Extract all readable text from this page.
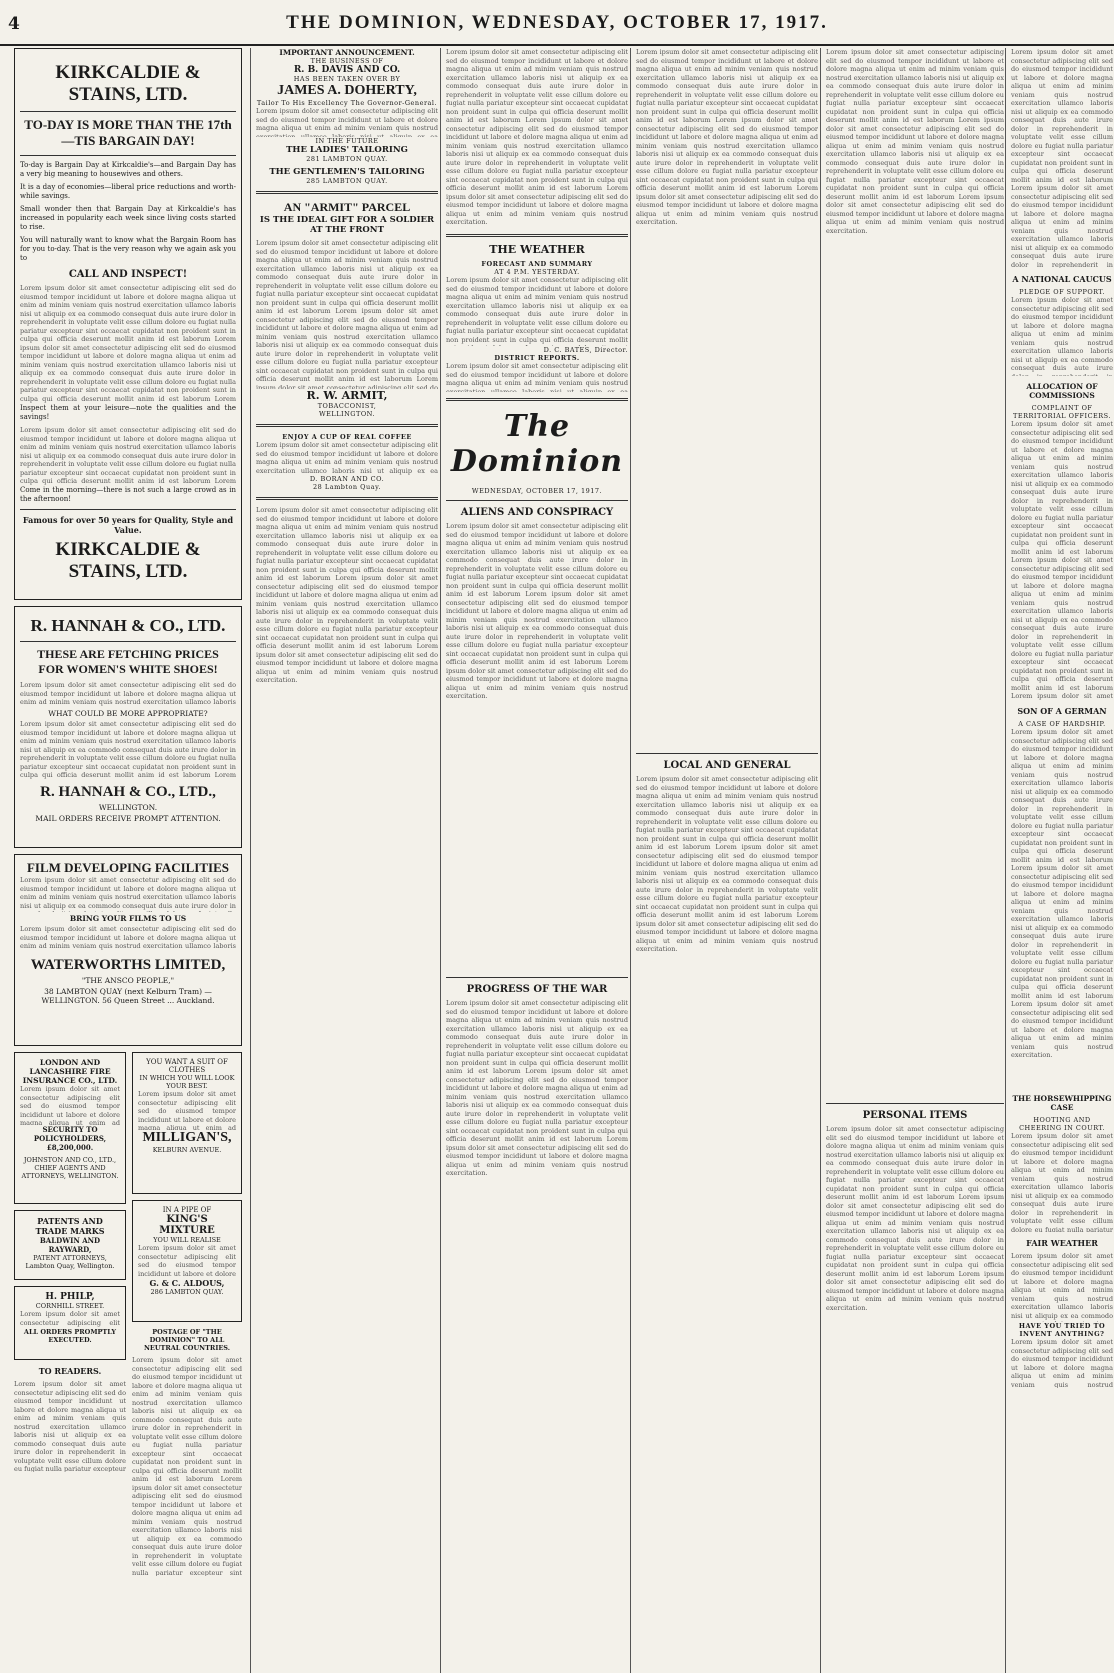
4	THE DOMINION, WEDNESDAY, OCTOBER 17, 1917.
KIRKCALDIE & STAINS, LTD.
TO-DAY IS MORE THAN THE 17th
—TIS BARGAIN DAY!

To-day is Bargain Day at Kirkcaldie's—and Bargain Day has a very big meaning to housewives and others.

It is a day of economies—liberal price reductions and worth-while savings.

Small wonder then that Bargain Day at Kirkcaldie's has increased in popularity each week since living costs started to rise.

You will naturally want to know what the Bargain Room has for you to-day. That is the very reason why we again ask you to

CALL AND INSPECT!
Lorem ipsum dolor sit amet consectetur adipiscing elit sed do eiusmod tempor incididunt ut labore et dolore magna aliqua ut enim ad minim veniam quis nostrud exercitation ullamco laboris nisi ut aliquip ex ea commodo consequat duis aute irure dolor in reprehenderit in voluptate velit esse cillum dolore eu fugiat nulla pariatur excepteur sint occaecat cupidatat non proident sunt in culpa qui officia deserunt mollit anim id est laborum Lorem ipsum dolor sit amet consectetur adipiscing elit sed do eiusmod tempor incididunt ut labore et dolore magna aliqua ut enim ad minim veniam quis nostrud exercitation ullamco laboris nisi ut aliquip ex ea commodo consequat duis aute irure dolor in reprehenderit in voluptate velit esse cillum dolore eu fugiat nulla pariatur excepteur sint occaecat cupidatat non proident sunt in culpa qui officia deserunt mollit anim id est laborum Lorem ipsum dolor sit amet consectetur adipiscing elit sed do eiusmod tempor incididunt ut labore et dolore magna aliqua ut enim ad minim veniam quis nostrud exercitation.

Inspect them at your leisure—note the qualities and the savings!

Lorem ipsum dolor sit amet consectetur adipiscing elit sed do eiusmod tempor incididunt ut labore et dolore magna aliqua ut enim ad minim veniam quis nostrud exercitation ullamco laboris nisi ut aliquip ex ea commodo consequat duis aute irure dolor in reprehenderit in voluptate velit esse cillum dolore eu fugiat nulla pariatur excepteur sint occaecat cupidatat non proident sunt in culpa qui officia deserunt mollit anim id est laborum Lorem ipsum dolor sit amet consectetur adipiscing elit sed do eiusmod tempor incididunt ut labore et dolore magna aliqua ut enim ad minim veniam quis nostrud exercitation ullamco laboris nisi ut aliquip ex ea commodo consequat duis aute irure dolor in reprehenderit in voluptate velit esse cillum dolore eu fugiat nulla pariatur excepteur sint occaecat cupidatat non proident sunt in culpa qui officia deserunt mollit anim id est laborum Lorem ipsum dolor sit amet consectetur adipiscing elit sed do eiusmod tempor incididunt ut labore et dolore magna aliqua ut enim ad minim veniam quis nostrud exercitation.

Come in the morning—there is not such a large crowd as in the afternoon!

Famous for over 50 years for Quality, Style and Value.
KIRKCALDIE & STAINS, LTD.
R. HANNAH & CO., LTD.
THESE ARE FETCHING PRICES
FOR WOMEN'S WHITE SHOES!
Lorem ipsum dolor sit amet consectetur adipiscing elit sed do eiusmod tempor incididunt ut labore et dolore magna aliqua ut enim ad minim veniam quis nostrud exercitation ullamco laboris nisi ut aliquip ex ea commodo consequat duis aute irure dolor in reprehenderit in voluptate velit esse cillum dolore eu fugiat nulla pariatur excepteur sint occaecat cupidatat non proident sunt in culpa qui officia deserunt mollit anim id est laborum Lorem ipsum dolor sit amet consectetur adipiscing elit sed do eiusmod tempor incididunt ut labore et dolore magna aliqua ut enim ad minim veniam quis nostrud exercitation ullamco laboris nisi ut aliquip ex ea commodo consequat duis aute irure dolor in reprehenderit in voluptate velit esse cillum dolore eu fugiat nulla pariatur excepteur sint occaecat cupidatat non proident sunt in culpa qui officia deserunt mollit anim id est laborum Lorem ipsum dolor sit amet consectetur adipiscing elit sed do eiusmod tempor incididunt ut labore et dolore magna aliqua ut enim ad minim veniam quis nostrud exercitation.
WHAT COULD BE MORE APPROPRIATE?
Lorem ipsum dolor sit amet consectetur adipiscing elit sed do eiusmod tempor incididunt ut labore et dolore magna aliqua ut enim ad minim veniam quis nostrud exercitation ullamco laboris nisi ut aliquip ex ea commodo consequat duis aute irure dolor in reprehenderit in voluptate velit esse cillum dolore eu fugiat nulla pariatur excepteur sint occaecat cupidatat non proident sunt in culpa qui officia deserunt mollit anim id est laborum Lorem ipsum dolor sit amet consectetur adipiscing elit sed do eiusmod tempor incididunt ut labore et dolore magna aliqua ut enim ad minim veniam quis nostrud exercitation ullamco laboris nisi ut aliquip ex ea commodo consequat duis aute irure dolor in reprehenderit in voluptate velit esse cillum dolore eu fugiat nulla pariatur excepteur sint occaecat cupidatat non proident sunt in culpa qui officia deserunt mollit anim id est laborum Lorem ipsum dolor sit amet consectetur adipiscing elit sed do eiusmod tempor incididunt ut labore et dolore magna aliqua ut enim ad minim veniam quis nostrud exercitation.
R. HANNAH & CO., LTD.,
WELLINGTON.
MAIL ORDERS RECEIVE PROMPT ATTENTION.
FILM DEVELOPING FACILITIES
Lorem ipsum dolor sit amet consectetur adipiscing elit sed do eiusmod tempor incididunt ut labore et dolore magna aliqua ut enim ad minim veniam quis nostrud exercitation ullamco laboris nisi ut aliquip ex ea commodo consequat duis aute irure dolor in reprehenderit in voluptate velit esse cillum dolore eu fugiat nulla pariatur excepteur sint occaecat cupidatat non proident sunt in culpa qui officia deserunt mollit anim id est laborum Lorem ipsum dolor sit amet consectetur adipiscing elit sed do eiusmod tempor incididunt ut labore et dolore magna aliqua ut enim ad minim veniam quis nostrud exercitation ullamco laboris nisi ut aliquip ex ea commodo consequat duis aute irure dolor in reprehenderit in voluptate velit esse cillum dolore eu fugiat nulla pariatur excepteur sint occaecat cupidatat non proident sunt in culpa qui officia deserunt mollit anim id est laborum Lorem ipsum dolor sit amet consectetur adipiscing elit sed do eiusmod tempor incididunt ut labore et dolore magna aliqua ut enim ad minim veniam quis nostrud exercitation.
BRING YOUR FILMS TO US
Lorem ipsum dolor sit amet consectetur adipiscing elit sed do eiusmod tempor incididunt ut labore et dolore magna aliqua ut enim ad minim veniam quis nostrud exercitation ullamco laboris nisi ut aliquip ex ea commodo consequat duis aute irure dolor in reprehenderit in voluptate velit esse cillum dolore eu fugiat nulla pariatur excepteur sint occaecat cupidatat non proident sunt in culpa qui officia deserunt mollit anim id est laborum Lorem ipsum dolor sit amet consectetur adipiscing elit sed do eiusmod tempor incididunt ut labore et dolore magna aliqua ut enim ad minim veniam quis nostrud exercitation ullamco laboris nisi ut aliquip ex ea commodo consequat duis aute irure dolor in reprehenderit in voluptate velit esse cillum dolore eu fugiat nulla pariatur excepteur sint occaecat cupidatat non proident sunt in culpa qui officia deserunt mollit anim id est laborum Lorem ipsum dolor sit amet consectetur adipiscing elit sed do eiusmod tempor incididunt ut labore et dolore magna aliqua ut enim ad minim veniam quis nostrud exercitation.
WATERWORTHS LIMITED,
"THE ANSCO PEOPLE,"
38 LAMBTON QUAY (next Kelburn Tram) — WELLINGTON. 56 Queen Street ... Auckland.
LONDON AND LANCASHIRE FIRE INSURANCE CO., LTD.
Lorem ipsum dolor sit amet consectetur adipiscing elit sed do eiusmod tempor incididunt ut labore et dolore magna aliqua ut enim ad minim veniam quis nostrud exercitation ullamco laboris nisi ut aliquip ex ea commodo consequat duis aute irure dolor in reprehenderit in voluptate velit esse cillum dolore eu fugiat nulla pariatur excepteur sint occaecat cupidatat non proident sunt in culpa qui officia deserunt mollit anim id est laborum Lorem ipsum dolor sit amet consectetur adipiscing elit sed do eiusmod tempor incididunt ut labore et dolore magna aliqua ut enim ad minim veniam quis nostrud exercitation ullamco laboris nisi ut aliquip ex ea commodo consequat duis aute irure dolor in reprehenderit in voluptate velit esse cillum dolore eu fugiat nulla pariatur excepteur sint occaecat cupidatat non proident sunt in culpa qui officia deserunt mollit anim id est laborum Lorem ipsum dolor sit amet consectetur adipiscing elit sed do eiusmod tempor incididunt ut labore et dolore magna aliqua ut enim ad minim veniam quis nostrud exercitation.
SECURITY TO POLICYHOLDERS, £8,200,000.
JOHNSTON AND CO., LTD., CHIEF AGENTS AND ATTORNEYS, WELLINGTON.
PATENTS AND TRADE MARKS
BALDWIN AND RAYWARD,
PATENT ATTORNEYS,
Lambton Quay, Wellington.
H. PHILP,
CORNHILL STREET.
Lorem ipsum dolor sit amet consectetur adipiscing elit sed do eiusmod tempor incididunt ut labore et dolore magna aliqua ut enim ad minim veniam quis nostrud exercitation ullamco laboris nisi ut aliquip ex ea commodo consequat duis aute irure dolor in reprehenderit in voluptate velit esse cillum dolore eu fugiat nulla pariatur excepteur sint occaecat cupidatat non proident sunt in culpa qui officia deserunt mollit anim id est laborum Lorem ipsum dolor sit amet consectetur adipiscing elit sed do eiusmod tempor incididunt ut labore et dolore magna aliqua ut enim ad minim veniam quis nostrud exercitation ullamco laboris nisi ut aliquip ex ea commodo consequat duis aute irure dolor in reprehenderit in voluptate velit esse cillum dolore eu fugiat nulla pariatur excepteur sint occaecat cupidatat non proident sunt in culpa qui officia deserunt mollit anim id est laborum Lorem ipsum dolor sit amet consectetur adipiscing elit sed do eiusmod tempor incididunt ut labore et dolore magna aliqua ut enim ad minim veniam quis nostrud exercitation.
ALL ORDERS PROMPTLY EXECUTED.
TO READERS.
Lorem ipsum dolor sit amet consectetur adipiscing elit sed do eiusmod tempor incididunt ut labore et dolore magna aliqua ut enim ad minim veniam quis nostrud exercitation ullamco laboris nisi ut aliquip ex ea commodo consequat duis aute irure dolor in reprehenderit in voluptate velit esse cillum dolore eu fugiat nulla pariatur excepteur sint occaecat cupidatat non proident sunt in culpa qui officia deserunt mollit anim id est laborum Lorem ipsum dolor sit amet consectetur adipiscing elit sed do eiusmod tempor incididunt ut labore et dolore magna aliqua ut enim ad minim veniam quis nostrud exercitation ullamco laboris nisi ut aliquip ex ea commodo consequat duis aute irure dolor in reprehenderit in voluptate velit esse cillum dolore eu fugiat nulla pariatur excepteur sint occaecat cupidatat non proident sunt in culpa qui officia deserunt mollit anim id est laborum Lorem ipsum dolor sit amet consectetur adipiscing elit sed do eiusmod tempor incididunt ut labore et dolore magna aliqua ut enim ad minim veniam quis nostrud exercitation.
YOU WANT A SUIT OF CLOTHES
IN WHICH YOU WILL LOOK YOUR BEST.
Lorem ipsum dolor sit amet consectetur adipiscing elit sed do eiusmod tempor incididunt ut labore et dolore magna aliqua ut enim ad minim veniam quis nostrud exercitation ullamco laboris nisi ut aliquip ex ea commodo consequat duis aute irure dolor in reprehenderit in voluptate velit esse cillum dolore eu fugiat nulla pariatur excepteur sint occaecat cupidatat non proident sunt in culpa qui officia deserunt mollit anim id est laborum Lorem ipsum dolor sit amet consectetur adipiscing elit sed do eiusmod tempor incididunt ut labore et dolore magna aliqua ut enim ad minim veniam quis nostrud exercitation ullamco laboris nisi ut aliquip ex ea commodo consequat duis aute irure dolor in reprehenderit in voluptate velit esse cillum dolore eu fugiat nulla pariatur excepteur sint occaecat cupidatat non proident sunt in culpa qui officia deserunt mollit anim id est laborum Lorem ipsum dolor sit amet consectetur adipiscing elit sed do eiusmod tempor incididunt ut labore et dolore magna aliqua ut enim ad minim veniam quis nostrud exercitation.
MILLIGAN'S,
KELBURN AVENUE.
IN A PIPE OF
KING'S MIXTURE
YOU WILL REALISE
Lorem ipsum dolor sit amet consectetur adipiscing elit sed do eiusmod tempor incididunt ut labore et dolore magna aliqua ut enim ad minim veniam quis nostrud exercitation ullamco laboris nisi ut aliquip ex ea commodo consequat duis aute irure dolor in reprehenderit in voluptate velit esse cillum dolore eu fugiat nulla pariatur excepteur sint occaecat cupidatat non proident sunt in culpa qui officia deserunt mollit anim id est laborum Lorem ipsum dolor sit amet consectetur adipiscing elit sed do eiusmod tempor incididunt ut labore et dolore magna aliqua ut enim ad minim veniam quis nostrud exercitation ullamco laboris nisi ut aliquip ex ea commodo consequat duis aute irure dolor in reprehenderit in voluptate velit esse cillum dolore eu fugiat nulla pariatur excepteur sint occaecat cupidatat non proident sunt in culpa qui officia deserunt mollit anim id est laborum Lorem ipsum dolor sit amet consectetur adipiscing elit sed do eiusmod tempor incididunt ut labore et dolore magna aliqua ut enim ad minim veniam quis nostrud exercitation.
G. & C. ALDOUS,
286 LAMBTON QUAY.
POSTAGE OF "THE DOMINION" TO ALL NEUTRAL COUNTRIES.
Lorem ipsum dolor sit amet consectetur adipiscing elit sed do eiusmod tempor incididunt ut labore et dolore magna aliqua ut enim ad minim veniam quis nostrud exercitation ullamco laboris nisi ut aliquip ex ea commodo consequat duis aute irure dolor in reprehenderit in voluptate velit esse cillum dolore eu fugiat nulla pariatur excepteur sint occaecat cupidatat non proident sunt in culpa qui officia deserunt mollit anim id est laborum Lorem ipsum dolor sit amet consectetur adipiscing elit sed do eiusmod tempor incididunt ut labore et dolore magna aliqua ut enim ad minim veniam quis nostrud exercitation ullamco laboris nisi ut aliquip ex ea commodo consequat duis aute irure dolor in reprehenderit in voluptate velit esse cillum dolore eu fugiat nulla pariatur excepteur sint occaecat cupidatat non proident sunt in culpa qui officia deserunt mollit anim id est laborum Lorem ipsum dolor sit amet consectetur adipiscing elit sed do eiusmod tempor incididunt ut labore et dolore magna aliqua ut enim ad minim veniam quis nostrud exercitation.
IMPORTANT ANNOUNCEMENT.
THE BUSINESS OF
R. B. DAVIS AND CO.
HAS BEEN TAKEN OVER BY
JAMES A. DOHERTY,
Tailor To His Excellency The Governor-General.
Lorem ipsum dolor sit amet consectetur adipiscing elit sed do eiusmod tempor incididunt ut labore et dolore magna aliqua ut enim ad minim veniam quis nostrud exercitation ullamco laboris nisi ut aliquip ex ea commodo consequat duis aute irure dolor in reprehenderit in voluptate velit esse cillum dolore eu fugiat nulla pariatur excepteur sint occaecat cupidatat non proident sunt in culpa qui officia deserunt mollit anim id est laborum Lorem ipsum dolor sit amet consectetur adipiscing elit sed do eiusmod tempor incididunt ut labore et dolore magna aliqua ut enim ad minim veniam quis nostrud exercitation ullamco laboris nisi ut aliquip ex ea commodo consequat duis aute irure dolor in reprehenderit in voluptate velit esse cillum dolore eu fugiat nulla pariatur excepteur sint occaecat cupidatat non proident sunt in culpa qui officia deserunt mollit anim id est laborum Lorem ipsum dolor sit amet consectetur adipiscing elit sed do eiusmod tempor incididunt ut labore et dolore magna aliqua ut enim ad minim veniam quis nostrud exercitation.
IN THE FUTURE
THE LADIES' TAILORING
281 LAMBTON QUAY.
THE GENTLEMEN'S TAILORING
285 LAMBTON QUAY.
AN "ARMIT" PARCEL
IS THE IDEAL GIFT FOR A SOLDIER AT THE FRONT
Lorem ipsum dolor sit amet consectetur adipiscing elit sed do eiusmod tempor incididunt ut labore et dolore magna aliqua ut enim ad minim veniam quis nostrud exercitation ullamco laboris nisi ut aliquip ex ea commodo consequat duis aute irure dolor in reprehenderit in voluptate velit esse cillum dolore eu fugiat nulla pariatur excepteur sint occaecat cupidatat non proident sunt in culpa qui officia deserunt mollit anim id est laborum Lorem ipsum dolor sit amet consectetur adipiscing elit sed do eiusmod tempor incididunt ut labore et dolore magna aliqua ut enim ad minim veniam quis nostrud exercitation ullamco laboris nisi ut aliquip ex ea commodo consequat duis aute irure dolor in reprehenderit in voluptate velit esse cillum dolore eu fugiat nulla pariatur excepteur sint occaecat cupidatat non proident sunt in culpa qui officia deserunt mollit anim id est laborum Lorem ipsum dolor sit amet consectetur adipiscing elit sed do eiusmod tempor incididunt ut labore et dolore magna aliqua ut enim ad minim veniam quis nostrud exercitation.
R. W. ARMIT,
TOBACCONIST,
WELLINGTON.
ENJOY A CUP OF REAL COFFEE
Lorem ipsum dolor sit amet consectetur adipiscing elit sed do eiusmod tempor incididunt ut labore et dolore magna aliqua ut enim ad minim veniam quis nostrud exercitation ullamco laboris nisi ut aliquip ex ea commodo consequat duis aute irure dolor in reprehenderit in voluptate velit esse cillum dolore eu fugiat nulla pariatur excepteur sint occaecat cupidatat non proident sunt in culpa qui officia deserunt mollit anim id est laborum Lorem ipsum dolor sit amet consectetur adipiscing elit sed do eiusmod tempor incididunt ut labore et dolore magna aliqua ut enim ad minim veniam quis nostrud exercitation ullamco laboris nisi ut aliquip ex ea commodo consequat duis aute irure dolor in reprehenderit in voluptate velit esse cillum dolore eu fugiat nulla pariatur excepteur sint occaecat cupidatat non proident sunt in culpa qui officia deserunt mollit anim id est laborum Lorem ipsum dolor sit amet consectetur adipiscing elit sed do eiusmod tempor incididunt ut labore et dolore magna aliqua ut enim ad minim veniam quis nostrud exercitation.
D. BORAN AND CO.
28 Lambton Quay.
Lorem ipsum dolor sit amet consectetur adipiscing elit sed do eiusmod tempor incididunt ut labore et dolore magna aliqua ut enim ad minim veniam quis nostrud exercitation ullamco laboris nisi ut aliquip ex ea commodo consequat duis aute irure dolor in reprehenderit in voluptate velit esse cillum dolore eu fugiat nulla pariatur excepteur sint occaecat cupidatat non proident sunt in culpa qui officia deserunt mollit anim id est laborum Lorem ipsum dolor sit amet consectetur adipiscing elit sed do eiusmod tempor incididunt ut labore et dolore magna aliqua ut enim ad minim veniam quis nostrud exercitation ullamco laboris nisi ut aliquip ex ea commodo consequat duis aute irure dolor in reprehenderit in voluptate velit esse cillum dolore eu fugiat nulla pariatur excepteur sint occaecat cupidatat non proident sunt in culpa qui officia deserunt mollit anim id est laborum Lorem ipsum dolor sit amet consectetur adipiscing elit sed do eiusmod tempor incididunt ut labore et dolore magna aliqua ut enim ad minim veniam quis nostrud exercitation.
Lorem ipsum dolor sit amet consectetur adipiscing elit sed do eiusmod tempor incididunt ut labore et dolore magna aliqua ut enim ad minim veniam quis nostrud exercitation ullamco laboris nisi ut aliquip ex ea commodo consequat duis aute irure dolor in reprehenderit in voluptate velit esse cillum dolore eu fugiat nulla pariatur excepteur sint occaecat cupidatat non proident sunt in culpa qui officia deserunt mollit anim id est laborum Lorem ipsum dolor sit amet consectetur adipiscing elit sed do eiusmod tempor incididunt ut labore et dolore magna aliqua ut enim ad minim veniam quis nostrud exercitation ullamco laboris nisi ut aliquip ex ea commodo consequat duis aute irure dolor in reprehenderit in voluptate velit esse cillum dolore eu fugiat nulla pariatur excepteur sint occaecat cupidatat non proident sunt in culpa qui officia deserunt mollit anim id est laborum Lorem ipsum dolor sit amet consectetur adipiscing elit sed do eiusmod tempor incididunt ut labore et dolore magna aliqua ut enim ad minim veniam quis nostrud exercitation.
THE WEATHER
FORECAST AND SUMMARY
AT 4 P.M. YESTERDAY.
Lorem ipsum dolor sit amet consectetur adipiscing elit sed do eiusmod tempor incididunt ut labore et dolore magna aliqua ut enim ad minim veniam quis nostrud exercitation ullamco laboris nisi ut aliquip ex ea commodo consequat duis aute irure dolor in reprehenderit in voluptate velit esse cillum dolore eu fugiat nulla pariatur excepteur sint occaecat cupidatat non proident sunt in culpa qui officia deserunt mollit anim id est laborum Lorem ipsum dolor sit amet consectetur adipiscing elit sed do eiusmod tempor incididunt ut labore et dolore magna aliqua ut enim ad minim veniam quis nostrud exercitation ullamco laboris nisi ut aliquip ex ea commodo consequat duis aute irure dolor in reprehenderit in voluptate velit esse cillum dolore eu fugiat nulla pariatur excepteur sint occaecat cupidatat non proident sunt in culpa qui officia deserunt mollit anim id est laborum Lorem ipsum dolor sit amet consectetur adipiscing elit sed do eiusmod tempor incididunt ut labore et dolore magna aliqua ut enim ad minim veniam quis nostrud exercitation.
D. C. BATES, Director.
DISTRICT REPORTS.
Lorem ipsum dolor sit amet consectetur adipiscing elit sed do eiusmod tempor incididunt ut labore et dolore magna aliqua ut enim ad minim veniam quis nostrud exercitation ullamco laboris nisi ut aliquip ex ea commodo consequat duis aute irure dolor in reprehenderit in voluptate velit esse cillum dolore eu fugiat nulla pariatur excepteur sint occaecat cupidatat non proident sunt in culpa qui officia deserunt mollit anim id est laborum Lorem ipsum dolor sit amet consectetur adipiscing elit sed do eiusmod tempor incididunt ut labore et dolore magna aliqua ut enim ad minim veniam quis nostrud exercitation ullamco laboris nisi ut aliquip ex ea commodo consequat duis aute irure dolor in reprehenderit in voluptate velit esse cillum dolore eu fugiat nulla pariatur excepteur sint occaecat cupidatat non proident sunt in culpa qui officia deserunt mollit anim id est laborum Lorem ipsum dolor sit amet consectetur adipiscing elit sed do eiusmod tempor incididunt ut labore et dolore magna aliqua ut enim ad minim veniam quis nostrud exercitation.
The Dominion
WEDNESDAY, OCTOBER 17, 1917.
ALIENS AND CONSPIRACY
Lorem ipsum dolor sit amet consectetur adipiscing elit sed do eiusmod tempor incididunt ut labore et dolore magna aliqua ut enim ad minim veniam quis nostrud exercitation ullamco laboris nisi ut aliquip ex ea commodo consequat duis aute irure dolor in reprehenderit in voluptate velit esse cillum dolore eu fugiat nulla pariatur excepteur sint occaecat cupidatat non proident sunt in culpa qui officia deserunt mollit anim id est laborum Lorem ipsum dolor sit amet consectetur adipiscing elit sed do eiusmod tempor incididunt ut labore et dolore magna aliqua ut enim ad minim veniam quis nostrud exercitation ullamco laboris nisi ut aliquip ex ea commodo consequat duis aute irure dolor in reprehenderit in voluptate velit esse cillum dolore eu fugiat nulla pariatur excepteur sint occaecat cupidatat non proident sunt in culpa qui officia deserunt mollit anim id est laborum Lorem ipsum dolor sit amet consectetur adipiscing elit sed do eiusmod tempor incididunt ut labore et dolore magna aliqua ut enim ad minim veniam quis nostrud exercitation.
PROGRESS OF THE WAR
Lorem ipsum dolor sit amet consectetur adipiscing elit sed do eiusmod tempor incididunt ut labore et dolore magna aliqua ut enim ad minim veniam quis nostrud exercitation ullamco laboris nisi ut aliquip ex ea commodo consequat duis aute irure dolor in reprehenderit in voluptate velit esse cillum dolore eu fugiat nulla pariatur excepteur sint occaecat cupidatat non proident sunt in culpa qui officia deserunt mollit anim id est laborum Lorem ipsum dolor sit amet consectetur adipiscing elit sed do eiusmod tempor incididunt ut labore et dolore magna aliqua ut enim ad minim veniam quis nostrud exercitation ullamco laboris nisi ut aliquip ex ea commodo consequat duis aute irure dolor in reprehenderit in voluptate velit esse cillum dolore eu fugiat nulla pariatur excepteur sint occaecat cupidatat non proident sunt in culpa qui officia deserunt mollit anim id est laborum Lorem ipsum dolor sit amet consectetur adipiscing elit sed do eiusmod tempor incididunt ut labore et dolore magna aliqua ut enim ad minim veniam quis nostrud exercitation.
Lorem ipsum dolor sit amet consectetur adipiscing elit sed do eiusmod tempor incididunt ut labore et dolore magna aliqua ut enim ad minim veniam quis nostrud exercitation ullamco laboris nisi ut aliquip ex ea commodo consequat duis aute irure dolor in reprehenderit in voluptate velit esse cillum dolore eu fugiat nulla pariatur excepteur sint occaecat cupidatat non proident sunt in culpa qui officia deserunt mollit anim id est laborum Lorem ipsum dolor sit amet consectetur adipiscing elit sed do eiusmod tempor incididunt ut labore et dolore magna aliqua ut enim ad minim veniam quis nostrud exercitation ullamco laboris nisi ut aliquip ex ea commodo consequat duis aute irure dolor in reprehenderit in voluptate velit esse cillum dolore eu fugiat nulla pariatur excepteur sint occaecat cupidatat non proident sunt in culpa qui officia deserunt mollit anim id est laborum Lorem ipsum dolor sit amet consectetur adipiscing elit sed do eiusmod tempor incididunt ut labore et dolore magna aliqua ut enim ad minim veniam quis nostrud exercitation.
LOCAL AND GENERAL
Lorem ipsum dolor sit amet consectetur adipiscing elit sed do eiusmod tempor incididunt ut labore et dolore magna aliqua ut enim ad minim veniam quis nostrud exercitation ullamco laboris nisi ut aliquip ex ea commodo consequat duis aute irure dolor in reprehenderit in voluptate velit esse cillum dolore eu fugiat nulla pariatur excepteur sint occaecat cupidatat non proident sunt in culpa qui officia deserunt mollit anim id est laborum Lorem ipsum dolor sit amet consectetur adipiscing elit sed do eiusmod tempor incididunt ut labore et dolore magna aliqua ut enim ad minim veniam quis nostrud exercitation ullamco laboris nisi ut aliquip ex ea commodo consequat duis aute irure dolor in reprehenderit in voluptate velit esse cillum dolore eu fugiat nulla pariatur excepteur sint occaecat cupidatat non proident sunt in culpa qui officia deserunt mollit anim id est laborum Lorem ipsum dolor sit amet consectetur adipiscing elit sed do eiusmod tempor incididunt ut labore et dolore magna aliqua ut enim ad minim veniam quis nostrud exercitation.
Lorem ipsum dolor sit amet consectetur adipiscing elit sed do eiusmod tempor incididunt ut labore et dolore magna aliqua ut enim ad minim veniam quis nostrud exercitation ullamco laboris nisi ut aliquip ex ea commodo consequat duis aute irure dolor in reprehenderit in voluptate velit esse cillum dolore eu fugiat nulla pariatur excepteur sint occaecat cupidatat non proident sunt in culpa qui officia deserunt mollit anim id est laborum Lorem ipsum dolor sit amet consectetur adipiscing elit sed do eiusmod tempor incididunt ut labore et dolore magna aliqua ut enim ad minim veniam quis nostrud exercitation ullamco laboris nisi ut aliquip ex ea commodo consequat duis aute irure dolor in reprehenderit in voluptate velit esse cillum dolore eu fugiat nulla pariatur excepteur sint occaecat cupidatat non proident sunt in culpa qui officia deserunt mollit anim id est laborum Lorem ipsum dolor sit amet consectetur adipiscing elit sed do eiusmod tempor incididunt ut labore et dolore magna aliqua ut enim ad minim veniam quis nostrud exercitation.
PERSONAL ITEMS
Lorem ipsum dolor sit amet consectetur adipiscing elit sed do eiusmod tempor incididunt ut labore et dolore magna aliqua ut enim ad minim veniam quis nostrud exercitation ullamco laboris nisi ut aliquip ex ea commodo consequat duis aute irure dolor in reprehenderit in voluptate velit esse cillum dolore eu fugiat nulla pariatur excepteur sint occaecat cupidatat non proident sunt in culpa qui officia deserunt mollit anim id est laborum Lorem ipsum dolor sit amet consectetur adipiscing elit sed do eiusmod tempor incididunt ut labore et dolore magna aliqua ut enim ad minim veniam quis nostrud exercitation ullamco laboris nisi ut aliquip ex ea commodo consequat duis aute irure dolor in reprehenderit in voluptate velit esse cillum dolore eu fugiat nulla pariatur excepteur sint occaecat cupidatat non proident sunt in culpa qui officia deserunt mollit anim id est laborum Lorem ipsum dolor sit amet consectetur adipiscing elit sed do eiusmod tempor incididunt ut labore et dolore magna aliqua ut enim ad minim veniam quis nostrud exercitation.
Lorem ipsum dolor sit amet consectetur adipiscing elit sed do eiusmod tempor incididunt ut labore et dolore magna aliqua ut enim ad minim veniam quis nostrud exercitation ullamco laboris nisi ut aliquip ex ea commodo consequat duis aute irure dolor in reprehenderit in voluptate velit esse cillum dolore eu fugiat nulla pariatur excepteur sint occaecat cupidatat non proident sunt in culpa qui officia deserunt mollit anim id est laborum Lorem ipsum dolor sit amet consectetur adipiscing elit sed do eiusmod tempor incididunt ut labore et dolore magna aliqua ut enim ad minim veniam quis nostrud exercitation ullamco laboris nisi ut aliquip ex ea commodo consequat duis aute irure dolor in reprehenderit in voluptate velit esse cillum dolore eu fugiat nulla pariatur excepteur sint occaecat cupidatat non proident sunt in culpa qui officia deserunt mollit anim id est laborum Lorem ipsum dolor sit amet consectetur adipiscing elit sed do eiusmod tempor incididunt ut labore et dolore magna aliqua ut enim ad minim veniam quis nostrud exercitation.
A NATIONAL CAUCUS
PLEDGE OF SUPPORT.
Lorem ipsum dolor sit amet consectetur adipiscing elit sed do eiusmod tempor incididunt ut labore et dolore magna aliqua ut enim ad minim veniam quis nostrud exercitation ullamco laboris nisi ut aliquip ex ea commodo consequat duis aute irure dolor in reprehenderit in voluptate velit esse cillum dolore eu fugiat nulla pariatur excepteur sint occaecat cupidatat non proident sunt in culpa qui officia deserunt mollit anim id est laborum Lorem ipsum dolor sit amet consectetur adipiscing elit sed do eiusmod tempor incididunt ut labore et dolore magna aliqua ut enim ad minim veniam quis nostrud exercitation ullamco laboris nisi ut aliquip ex ea commodo consequat duis aute irure dolor in reprehenderit in voluptate velit esse cillum dolore eu fugiat nulla pariatur excepteur sint occaecat cupidatat non proident sunt in culpa qui officia deserunt mollit anim id est laborum Lorem ipsum dolor sit amet consectetur adipiscing elit sed do eiusmod tempor incididunt ut labore et dolore magna aliqua ut enim ad minim veniam quis nostrud exercitation.
ALLOCATION OF COMMISSIONS
COMPLAINT OF TERRITORIAL OFFICERS.
Lorem ipsum dolor sit amet consectetur adipiscing elit sed do eiusmod tempor incididunt ut labore et dolore magna aliqua ut enim ad minim veniam quis nostrud exercitation ullamco laboris nisi ut aliquip ex ea commodo consequat duis aute irure dolor in reprehenderit in voluptate velit esse cillum dolore eu fugiat nulla pariatur excepteur sint occaecat cupidatat non proident sunt in culpa qui officia deserunt mollit anim id est laborum Lorem ipsum dolor sit amet consectetur adipiscing elit sed do eiusmod tempor incididunt ut labore et dolore magna aliqua ut enim ad minim veniam quis nostrud exercitation ullamco laboris nisi ut aliquip ex ea commodo consequat duis aute irure dolor in reprehenderit in voluptate velit esse cillum dolore eu fugiat nulla pariatur excepteur sint occaecat cupidatat non proident sunt in culpa qui officia deserunt mollit anim id est laborum Lorem ipsum dolor sit amet consectetur adipiscing elit sed do eiusmod tempor incididunt ut labore et dolore magna aliqua ut enim ad minim veniam quis nostrud exercitation.
SON OF A GERMAN
A CASE OF HARDSHIP.
Lorem ipsum dolor sit amet consectetur adipiscing elit sed do eiusmod tempor incididunt ut labore et dolore magna aliqua ut enim ad minim veniam quis nostrud exercitation ullamco laboris nisi ut aliquip ex ea commodo consequat duis aute irure dolor in reprehenderit in voluptate velit esse cillum dolore eu fugiat nulla pariatur excepteur sint occaecat cupidatat non proident sunt in culpa qui officia deserunt mollit anim id est laborum Lorem ipsum dolor sit amet consectetur adipiscing elit sed do eiusmod tempor incididunt ut labore et dolore magna aliqua ut enim ad minim veniam quis nostrud exercitation ullamco laboris nisi ut aliquip ex ea commodo consequat duis aute irure dolor in reprehenderit in voluptate velit esse cillum dolore eu fugiat nulla pariatur excepteur sint occaecat cupidatat non proident sunt in culpa qui officia deserunt mollit anim id est laborum Lorem ipsum dolor sit amet consectetur adipiscing elit sed do eiusmod tempor incididunt ut labore et dolore magna aliqua ut enim ad minim veniam quis nostrud exercitation.
THE HORSEWHIPPING CASE
HOOTING AND CHEERING IN COURT.
Lorem ipsum dolor sit amet consectetur adipiscing elit sed do eiusmod tempor incididunt ut labore et dolore magna aliqua ut enim ad minim veniam quis nostrud exercitation ullamco laboris nisi ut aliquip ex ea commodo consequat duis aute irure dolor in reprehenderit in voluptate velit esse cillum dolore eu fugiat nulla pariatur excepteur sint occaecat cupidatat non proident sunt in culpa qui officia deserunt mollit anim id est laborum Lorem ipsum dolor sit amet consectetur adipiscing elit sed do eiusmod tempor incididunt ut labore et dolore magna aliqua ut enim ad minim veniam quis nostrud exercitation ullamco laboris nisi ut aliquip ex ea commodo consequat duis aute irure dolor in reprehenderit in voluptate velit esse cillum dolore eu fugiat nulla pariatur excepteur sint occaecat cupidatat non proident sunt in culpa qui officia deserunt mollit anim id est laborum Lorem ipsum dolor sit amet consectetur adipiscing elit sed do eiusmod tempor incididunt ut labore et dolore magna aliqua ut enim ad minim veniam quis nostrud exercitation.
FAIR WEATHER
Lorem ipsum dolor sit amet consectetur adipiscing elit sed do eiusmod tempor incididunt ut labore et dolore magna aliqua ut enim ad minim veniam quis nostrud exercitation ullamco laboris nisi ut aliquip ex ea commodo consequat duis aute irure dolor in reprehenderit in voluptate velit esse cillum dolore eu fugiat nulla pariatur excepteur sint occaecat cupidatat non proident sunt in culpa qui officia deserunt mollit anim id est laborum Lorem ipsum dolor sit amet consectetur adipiscing elit sed do eiusmod tempor incididunt ut labore et dolore magna aliqua ut enim ad minim veniam quis nostrud exercitation ullamco laboris nisi ut aliquip ex ea commodo consequat duis aute irure dolor in reprehenderit in voluptate velit esse cillum dolore eu fugiat nulla pariatur excepteur sint occaecat cupidatat non proident sunt in culpa qui officia deserunt mollit anim id est laborum Lorem ipsum dolor sit amet consectetur adipiscing elit sed do eiusmod tempor incididunt ut labore et dolore magna aliqua ut enim ad minim veniam quis nostrud exercitation.
HAVE YOU TRIED TO INVENT ANYTHING?
Lorem ipsum dolor sit amet consectetur adipiscing elit sed do eiusmod tempor incididunt ut labore et dolore magna aliqua ut enim ad minim veniam quis nostrud exercitation ullamco laboris nisi ut aliquip ex ea commodo consequat duis aute irure dolor in reprehenderit in voluptate velit esse cillum dolore eu fugiat nulla pariatur excepteur sint occaecat cupidatat non proident sunt in culpa qui officia deserunt mollit anim id est laborum Lorem ipsum dolor sit amet consectetur adipiscing elit sed do eiusmod tempor incididunt ut labore et dolore magna aliqua ut enim ad minim veniam quis nostrud exercitation ullamco laboris nisi ut aliquip ex ea commodo consequat duis aute irure dolor in reprehenderit in voluptate velit esse cillum dolore eu fugiat nulla pariatur excepteur sint occaecat cupidatat non proident sunt in culpa qui officia deserunt mollit anim id est laborum Lorem ipsum dolor sit amet consectetur adipiscing elit sed do eiusmod tempor incididunt ut labore et dolore magna aliqua ut enim ad minim veniam quis nostrud exercitation.
